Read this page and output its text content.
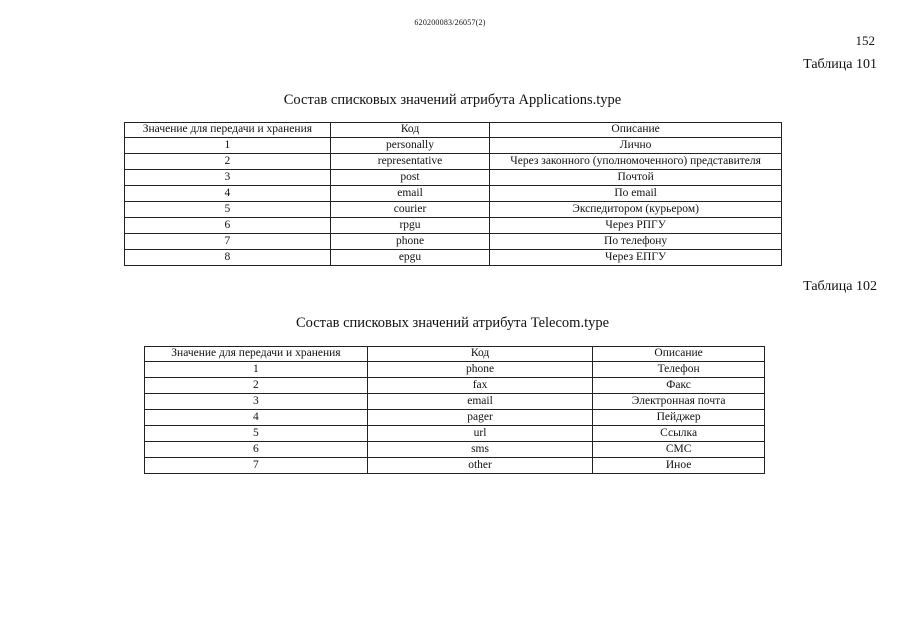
620200083/26057(2)
152
Таблица 101
Состав списковых значений атрибута Applications.type
Значение для передачи и хранения	Код	Описание
1	personally	Лично
2	representative	Через законного (уполномоченного) представителя
3	post	Почтой
4	email	По email
5	courier	Экспедитором (курьером)
6	rpgu	Через РПГУ
7	phone	По телефону
8	epgu	Через ЕПГУ
Таблица 102
Состав списковых значений атрибута Telecom.type
Значение для передачи и хранения	Код	Описание
1	phone	Телефон
2	fax	Факс
3	email	Электронная почта
4	pager	Пейджер
5	url	Ссылка
6	sms	СМС
7	other	Иное
